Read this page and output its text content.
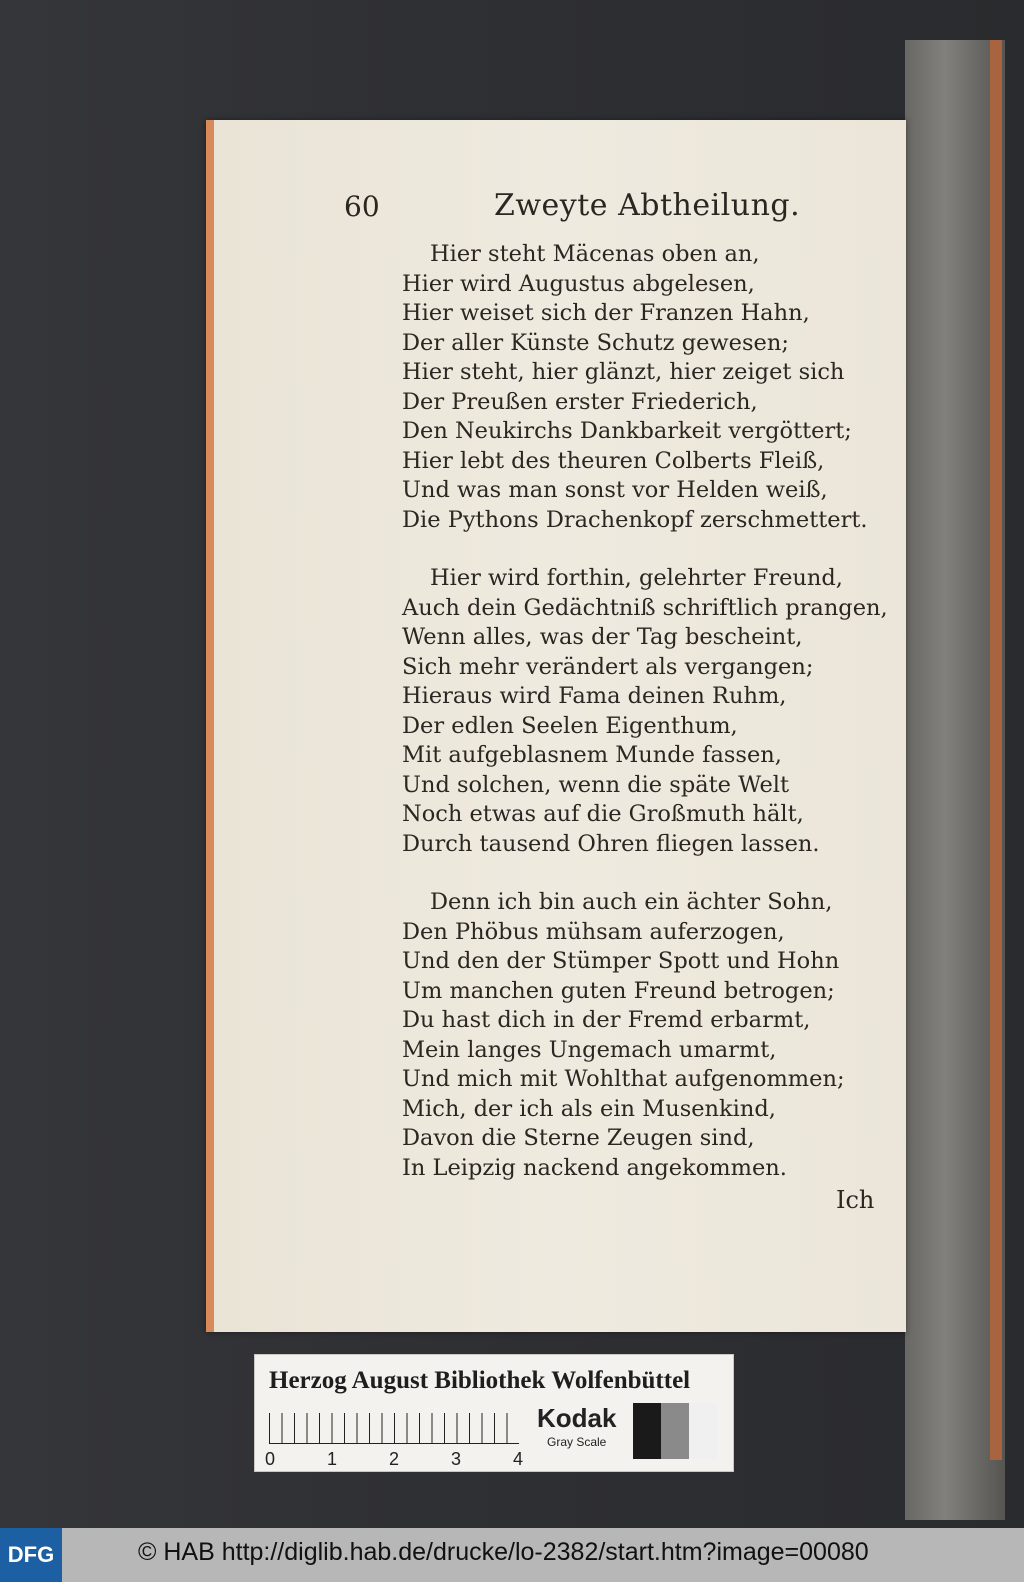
60	Zweyte Abtheilung.
Hier steht Mäcenas oben an,
Hier wird Augustus abgelesen,
Hier weiset sich der Franzen Hahn,
Der aller Künste Schutz gewesen;
Hier steht, hier glänzt, hier zeiget sich
Der Preußen erster Friederich,
Den Neukirchs Dankbarkeit vergöttert;
Hier lebt des theuren Colberts Fleiß,
Und was man sonst vor Helden weiß,
Die Pythons Drachenkopf zerschmettert.
Hier wird forthin, gelehrter Freund,
Auch dein Gedächtniß schriftlich prangen,
Wenn alles, was der Tag bescheint,
Sich mehr verändert als vergangen;
Hieraus wird Fama deinen Ruhm,
Der edlen Seelen Eigenthum,
Mit aufgeblasnem Munde fassen,
Und solchen, wenn die späte Welt
Noch etwas auf die Großmuth hält,
Durch tausend Ohren fliegen lassen.
Denn ich bin auch ein ächter Sohn,
Den Phöbus mühsam auferzogen,
Und den der Stümper Spott und Hohn
Um manchen guten Freund betrogen;
Du hast dich in der Fremd erbarmt,
Mein langes Ungemach umarmt,
Und mich mit Wohlthat aufgenommen;
Mich, der ich als ein Musenkind,
Davon die Sterne Zeugen sind,
In Leipzig nackend angekommen.
Ich
Herzog August Bibliothek Wolfenbüttel
0	1	2	3	4
Kodak
Gray Scale
DFG	© HAB http://diglib.hab.de/drucke/lo-2382/start.htm?image=00080
